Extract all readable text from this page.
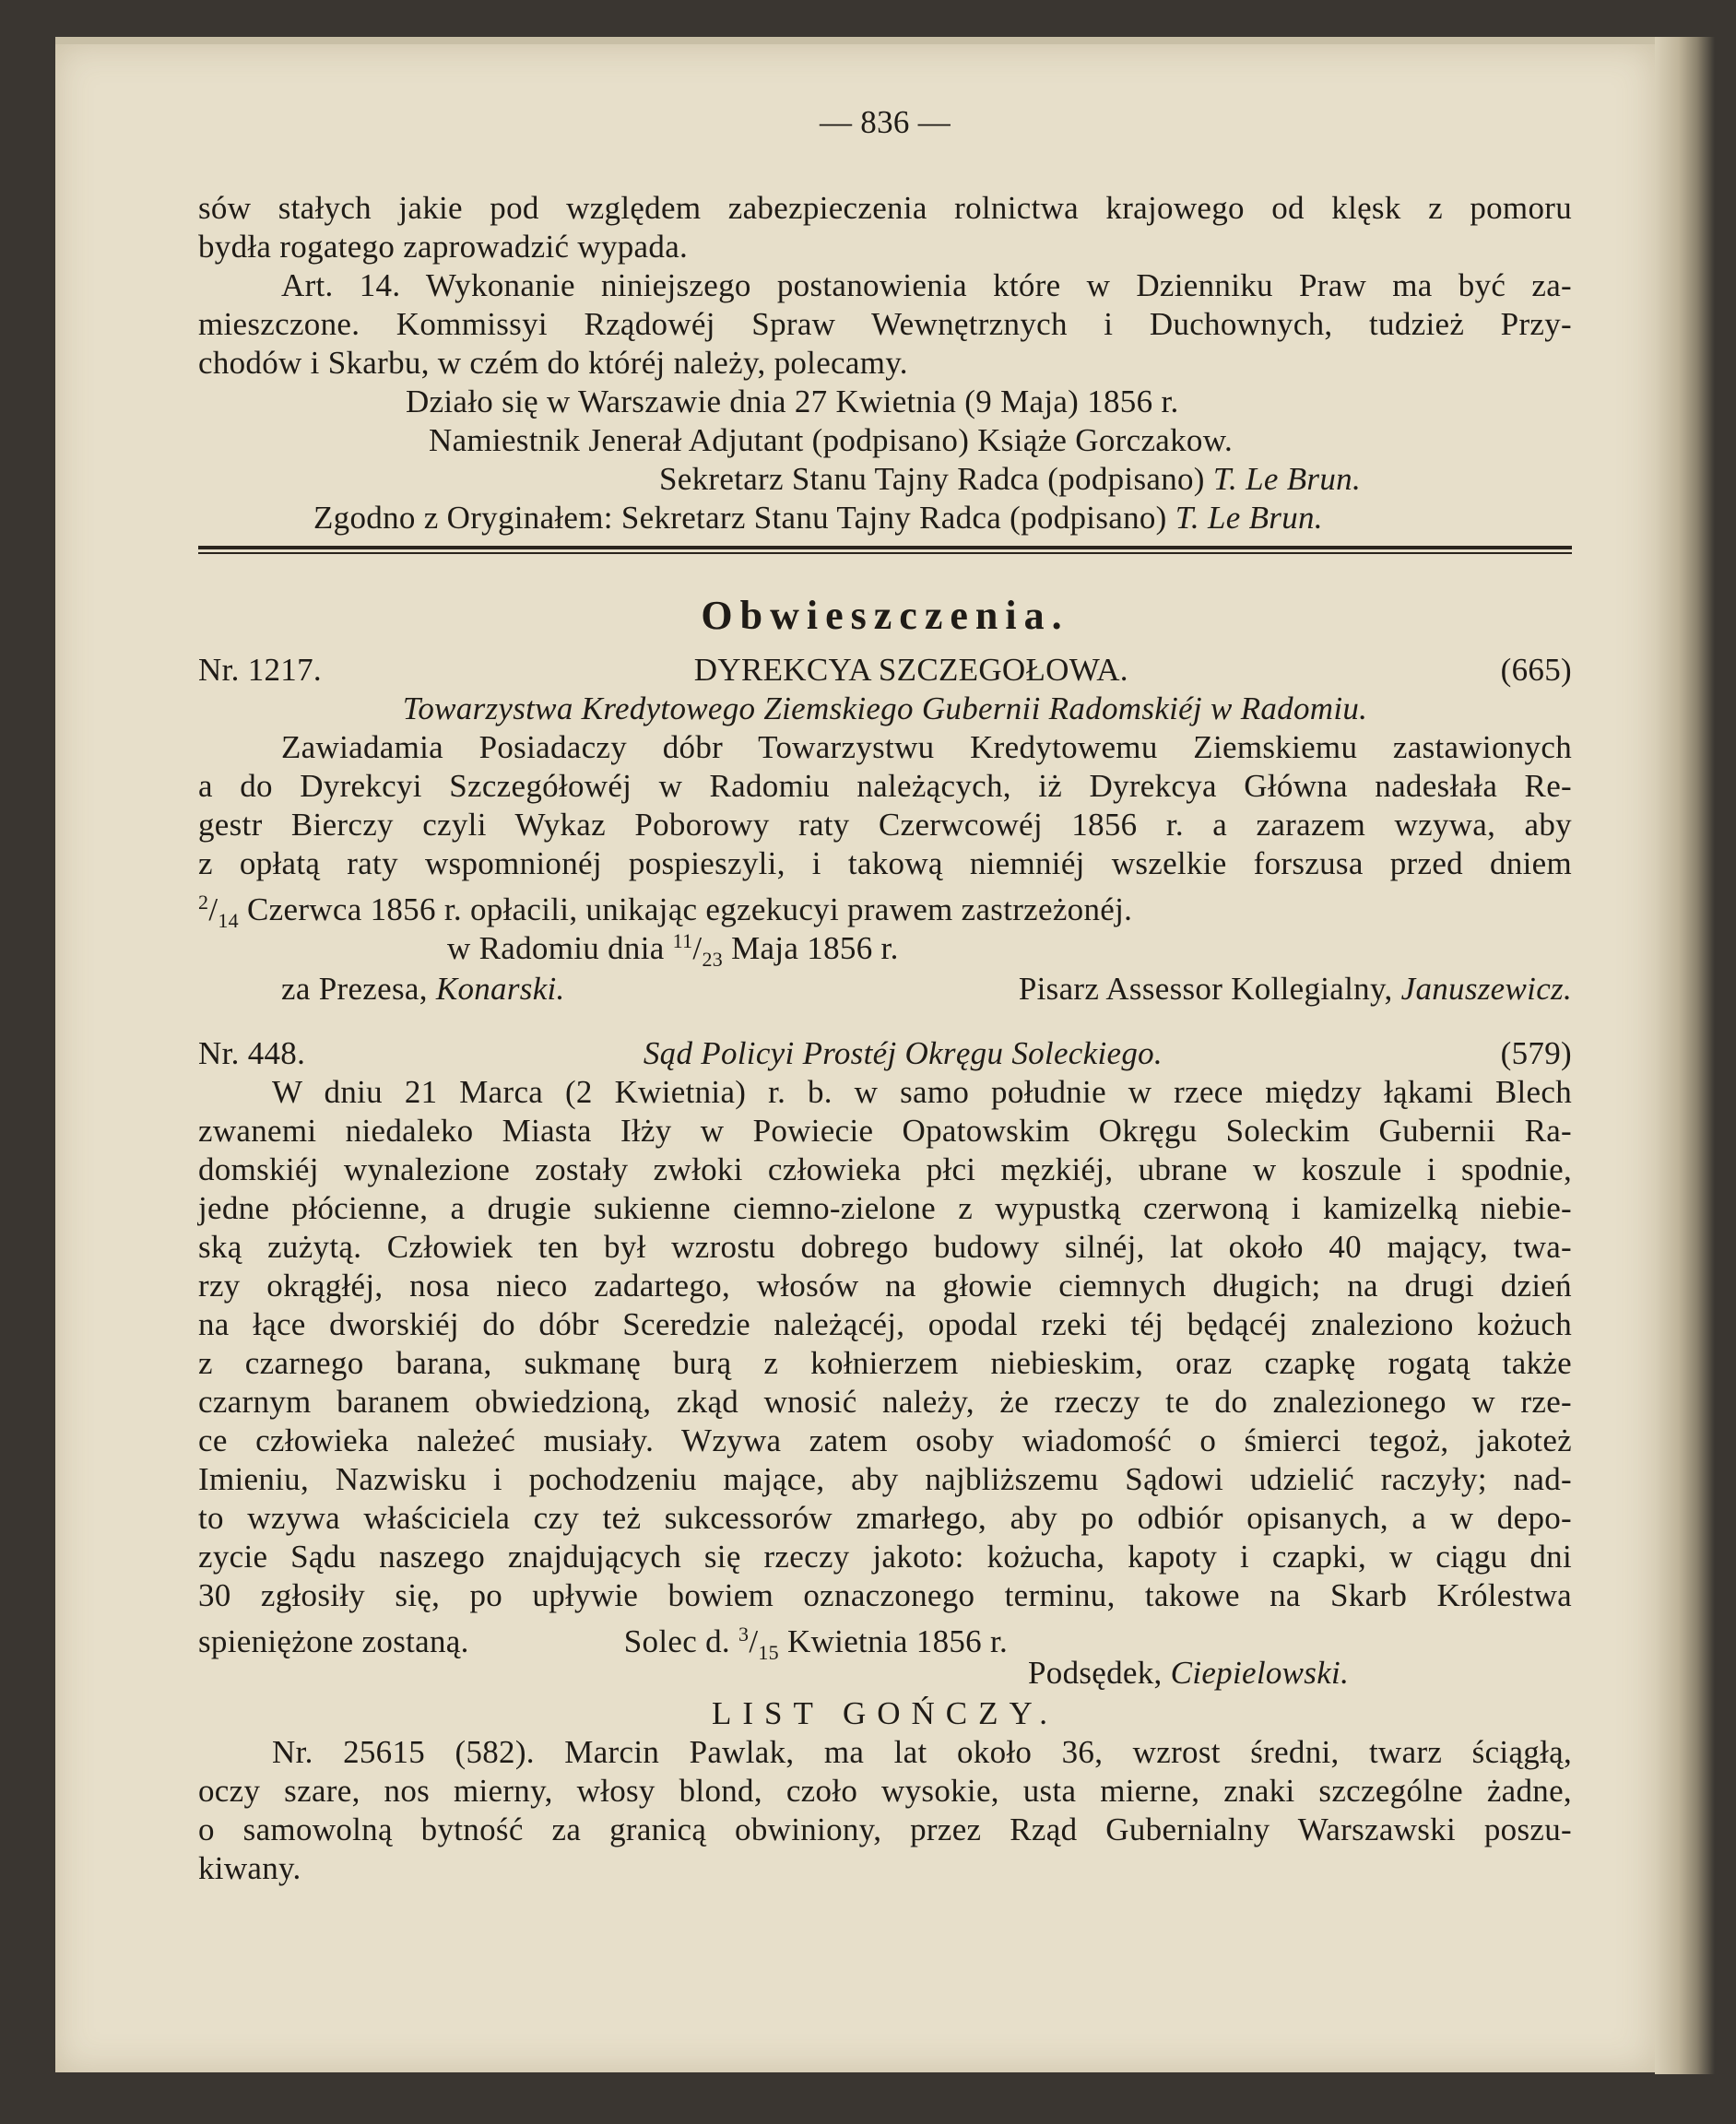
— 836 —
sów stałych jakie pod względem zabezpieczenia rolnictwa krajowego od klęsk z pomoru
bydła rogatego zaprowadzić wypada.
Art. 14. Wykonanie niniejszego postanowienia które w Dzienniku Praw ma być za-
mieszczone. Kommissyi Rządowéj Spraw Wewnętrznych i Duchownych, tudzież Przy-
chodów i Skarbu, w czém do któréj należy, polecamy.
Działo się w Warszawie dnia 27 Kwietnia (9 Maja) 1856 r.
Namiestnik Jenerał Adjutant (podpisano) Książe Gorczakow.
Sekretarz Stanu Tajny Radca (podpisano) T. Le Brun.
Zgodno z Oryginałem: Sekretarz Stanu Tajny Radca (podpisano) T. Le Brun.
Obwieszczenia.
Nr. 1217.	DYREKCYA SZCZEGOŁOWA.	(665)
Towarzystwa Kredytowego Ziemskiego Gubernii Radomskiéj w Radomiu.
Zawiadamia Posiadaczy dóbr Towarzystwu Kredytowemu Ziemskiemu zastawionych
a do Dyrekcyi Szczegółowéj w Radomiu należących, iż Dyrekcya Główna nadesłała Re-
gestr Bierczy czyli Wykaz Poborowy raty Czerwcowéj 1856 r. a zarazem wzywa, aby
z opłatą raty wspomnionéj pospieszyli, i takową niemniéj wszelkie forszusa przed dniem
$^2/_{14}$ Czerwca 1856 r. opłacili, unikając egzekucyi prawem zastrzeżonéj.
w Radomiu dnia $^{11}/_{23}$ Maja 1856 r.
za Prezesa, Konarski.	Pisarz Assessor Kollegialny, Januszewicz.
Nr. 448.	Sąd Policyi Prostéj Okręgu Soleckiego.	(579)
W dniu 21 Marca (2 Kwietnia) r. b. w samo południe w rzece między łąkami Blech
zwanemi niedaleko Miasta Iłży w Powiecie Opatowskim Okręgu Soleckim Gubernii Ra-
domskiéj wynalezione zostały zwłoki człowieka płci męzkiéj, ubrane w koszule i spodnie,
jedne płócienne, a drugie sukienne ciemno-zielone z wypustką czerwoną i kamizelką niebie-
ską zużytą. Człowiek ten był wzrostu dobrego budowy silnéj, lat około 40 mający, twa-
rzy okrągłéj, nosa nieco zadartego, włosów na głowie ciemnych długich; na drugi dzień
na łące dworskiéj do dóbr Sceredzie należącéj, opodal rzeki téj będącéj znaleziono kożuch
z czarnego barana, sukmanę burą z kołnierzem niebieskim, oraz czapkę rogatą także
czarnym baranem obwiedzioną, zkąd wnosić należy, że rzeczy te do znalezionego w rze-
ce człowieka należeć musiały. Wzywa zatem osoby wiadomość o śmierci tegoż, jakoteż
Imieniu, Nazwisku i pochodzeniu mające, aby najbliższemu Sądowi udzielić raczyły; nad-
to wzywa właściciela czy też sukcessorów zmarłego, aby po odbiór opisanych, a w depo-
zycie Sądu naszego znajdujących się rzeczy jakoto: kożucha, kapoty i czapki, w ciągu dni
30 zgłosiły się, po upływie bowiem oznaczonego terminu, takowe na Skarb Królestwa
spieniężone zostaną.	Solec d. $^3/_{15}$ Kwietnia 1856 r.
Podsędek, Ciepielowski.
LIST GOŃCZY.
Nr. 25615 (582). Marcin Pawlak, ma lat około 36, wzrost średni, twarz ściągłą,
oczy szare, nos mierny, włosy blond, czoło wysokie, usta mierne, znaki szczególne żadne,
o samowolną bytność za granicą obwiniony, przez Rząd Gubernialny Warszawski poszu-
kiwany.
